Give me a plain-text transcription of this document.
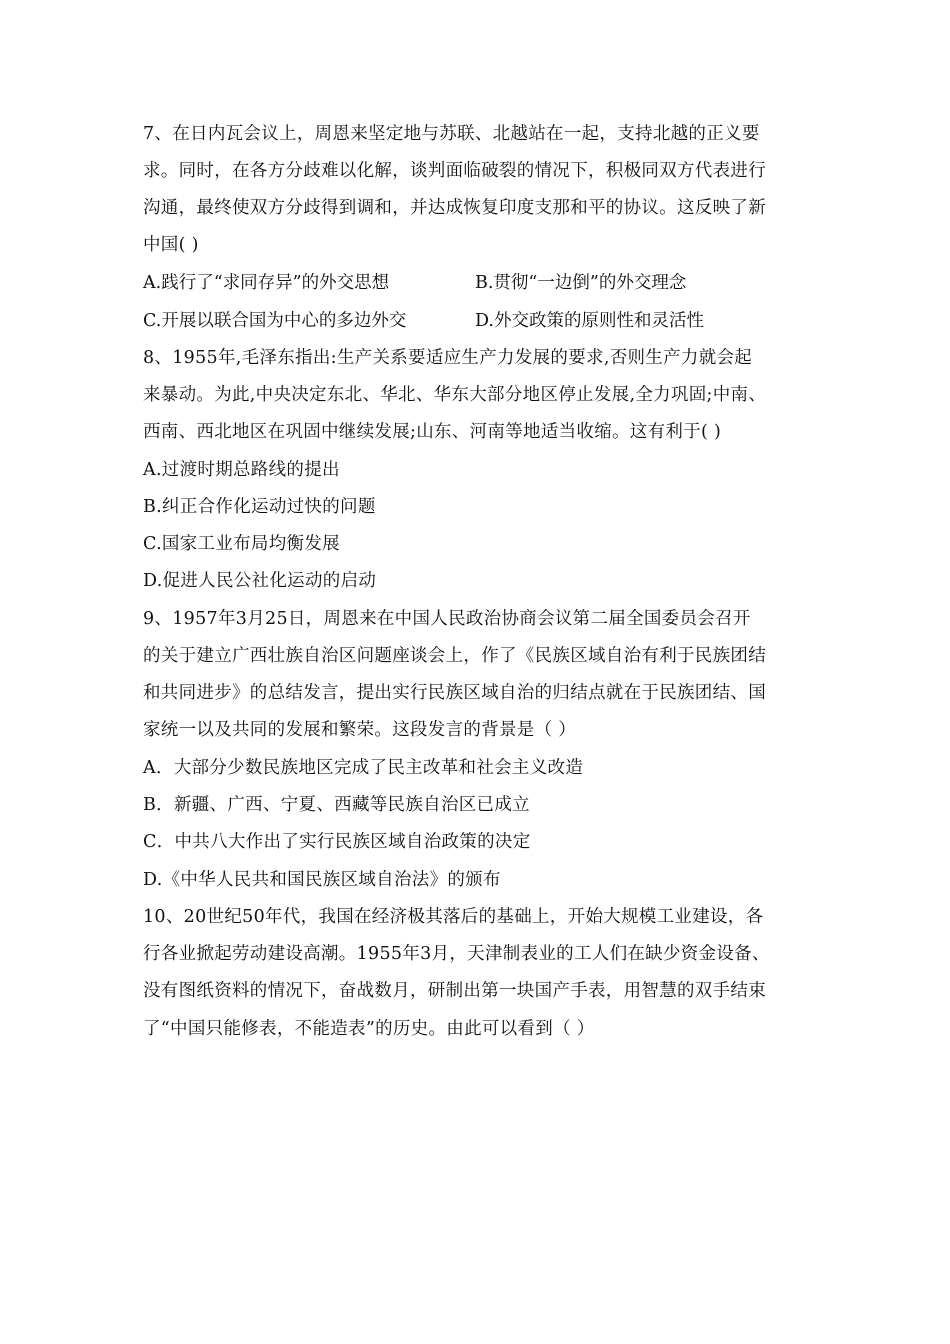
7、在日内瓦会议上，周恩来坚定地与苏联、北越站在一起，支持北越的正义要
求。同时，在各方分歧难以化解，谈判面临破裂的情况下，积极同双方代表进行
沟通，最终使双方分歧得到调和，并达成恢复印度支那和平的协议。这反映了新
中国( )
A.践行了“求同存异”的外交思想	B.贯彻“一边倒”的外交理念
C.开展以联合国为中心的多边外交	D.外交政策的原则性和灵活性
8、1955年,毛泽东指出:生产关系要适应生产力发展的要求,否则生产力就会起
来暴动。为此,中央决定东北、华北、华东大部分地区停止发展,全力巩固;中南、
西南、西北地区在巩固中继续发展;山东、河南等地适当收缩。这有利于( )
A.过渡时期总路线的提出
B.纠正合作化运动过快的问题
C.国家工业布局均衡发展
D.促进人民公社化运动的启动
9、1957年3月25日，周恩来在中国人民政治协商会议第二届全国委员会召开
的关于建立广西壮族自治区问题座谈会上，作了《民族区域自治有利于民族团结
和共同进步》的总结发言，提出实行民族区域自治的归结点就在于民族团结、国
家统一以及共同的发展和繁荣。这段发言的背景是（ ）
A．大部分少数民族地区完成了民主改革和社会主义改造
B．新疆、广西、宁夏、西藏等民族自治区已成立
C．中共八大作出了实行民族区域自治政策的决定
D.《中华人民共和国民族区域自治法》的颁布
10、20世纪50年代，我国在经济极其落后的基础上，开始大规模工业建设，各
行各业掀起劳动建设高潮。1955年3月，天津制表业的工人们在缺少资金设备、
没有图纸资料的情况下，奋战数月，研制出第一块国产手表，用智慧的双手结束
了“中国只能修表，不能造表”的历史。由此可以看到（ ）
